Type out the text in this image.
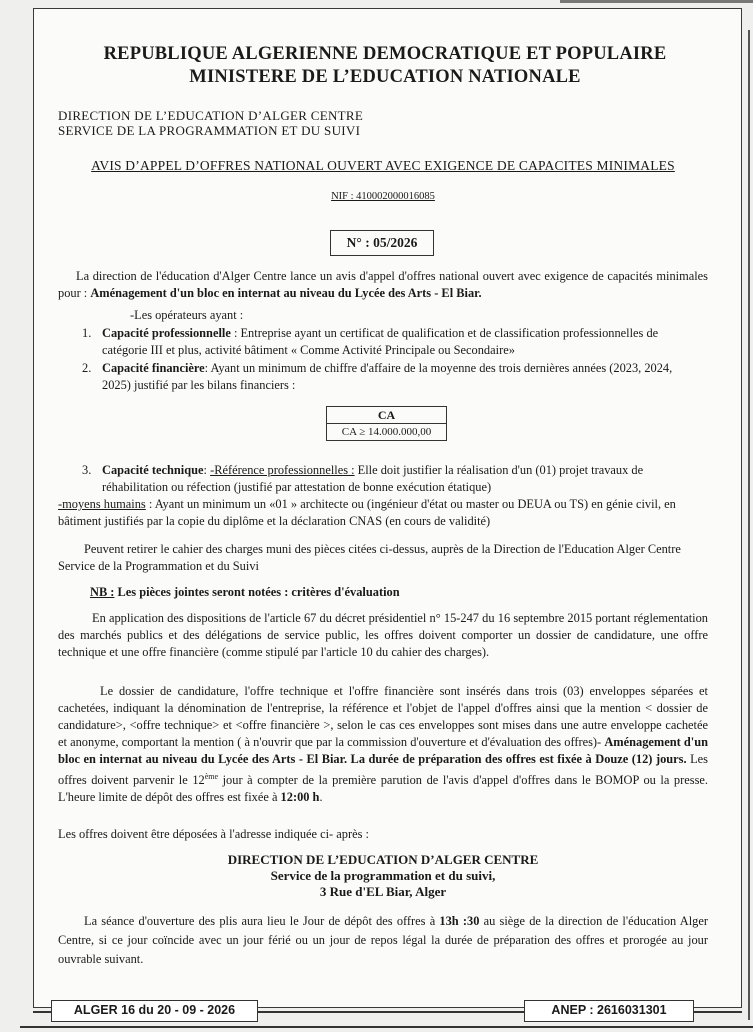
REPUBLIQUE ALGERIENNE DEMOCRATIQUE ET POPULAIRE
MINISTERE DE L’EDUCATION NATIONALE
DIRECTION DE L’EDUCATION D’ALGER CENTRE
SERVICE DE LA PROGRAMMATION ET DU SUIVI
AVIS D’APPEL D’OFFRES NATIONAL OUVERT AVEC EXIGENCE DE CAPACITES MINIMALES
NIF : 410002000016085
N° : 05/2026
La direction de l'éducation d'Alger Centre lance un avis d'appel d'offres national ouvert avec exigence de capacités minimales pour : Aménagement d'un bloc en internat au niveau du Lycée des Arts - El Biar.
-Les opérateurs ayant :
1. Capacité professionnelle : Entreprise ayant un certificat de qualification et de classification professionnelles de catégorie III et plus, activité bâtiment « Comme Activité Principale ou Secondaire»
2. Capacité financière: Ayant un minimum de chiffre d'affaire de la moyenne des trois dernières années (2023, 2024, 2025) justifié par les bilans financiers :
CA
CA ≥ 14.000.000,00
3. Capacité technique: -Référence professionnelles : Elle doit justifier la réalisation d'un (01) projet travaux de réhabilitation ou réfection (justifié par attestation de bonne exécution étatique)
-moyens humains : Ayant un minimum un «01 » architecte ou (ingénieur d'état ou master ou DEUA ou TS) en génie civil, en bâtiment justifiés par la copie du diplôme et la déclaration CNAS (en cours de validité)
Peuvent retirer le cahier des charges muni des pièces citées ci-dessus, auprès de la Direction de l'Education Alger Centre Service de la Programmation et du Suivi
NB : Les pièces jointes seront notées : critères d'évaluation
En application des dispositions de l'article 67 du décret présidentiel n° 15-247 du 16 septembre 2015 portant réglementation des marchés publics et des délégations de service public, les offres doivent comporter un dossier de candidature, une offre technique et une offre financière (comme stipulé par l'article 10 du cahier des charges).
Le dossier de candidature, l'offre technique et l'offre financière sont insérés dans trois (03) enveloppes séparées et cachetées, indiquant la dénomination de l'entreprise, la référence et l'objet de l'appel d'offres ainsi que la mention < dossier de candidature>, <offre technique> et <offre financière >, selon le cas ces enveloppes sont mises dans une autre enveloppe cachetée et anonyme, comportant la mention ( à n'ouvrir que par la commission d'ouverture et d'évaluation des offres)- Aménagement d'un bloc en internat au niveau du Lycée des Arts - El Biar. La durée de préparation des offres est fixée à Douze (12) jours. Les offres doivent parvenir le 12ème jour à compter de la première parution de l'avis d'appel d'offres dans le BOMOP ou la presse. L'heure limite de dépôt des offres est fixée à 12:00 h.
Les offres doivent être déposées à l'adresse indiquée ci- après :
DIRECTION DE L’EDUCATION D’ALGER CENTRE
Service de la programmation et du suivi,
3 Rue d'EL Biar, Alger
La séance d'ouverture des plis aura lieu le Jour de dépôt des offres à 13h :30 au siège de la direction de l'éducation Alger Centre, si ce jour coïncide avec un jour férié ou un jour de repos légal la durée de préparation des offres et prorogée au jour ouvrable suivant.
ALGER 16 du 20 - 09 - 2026	ANEP : 2616031301
